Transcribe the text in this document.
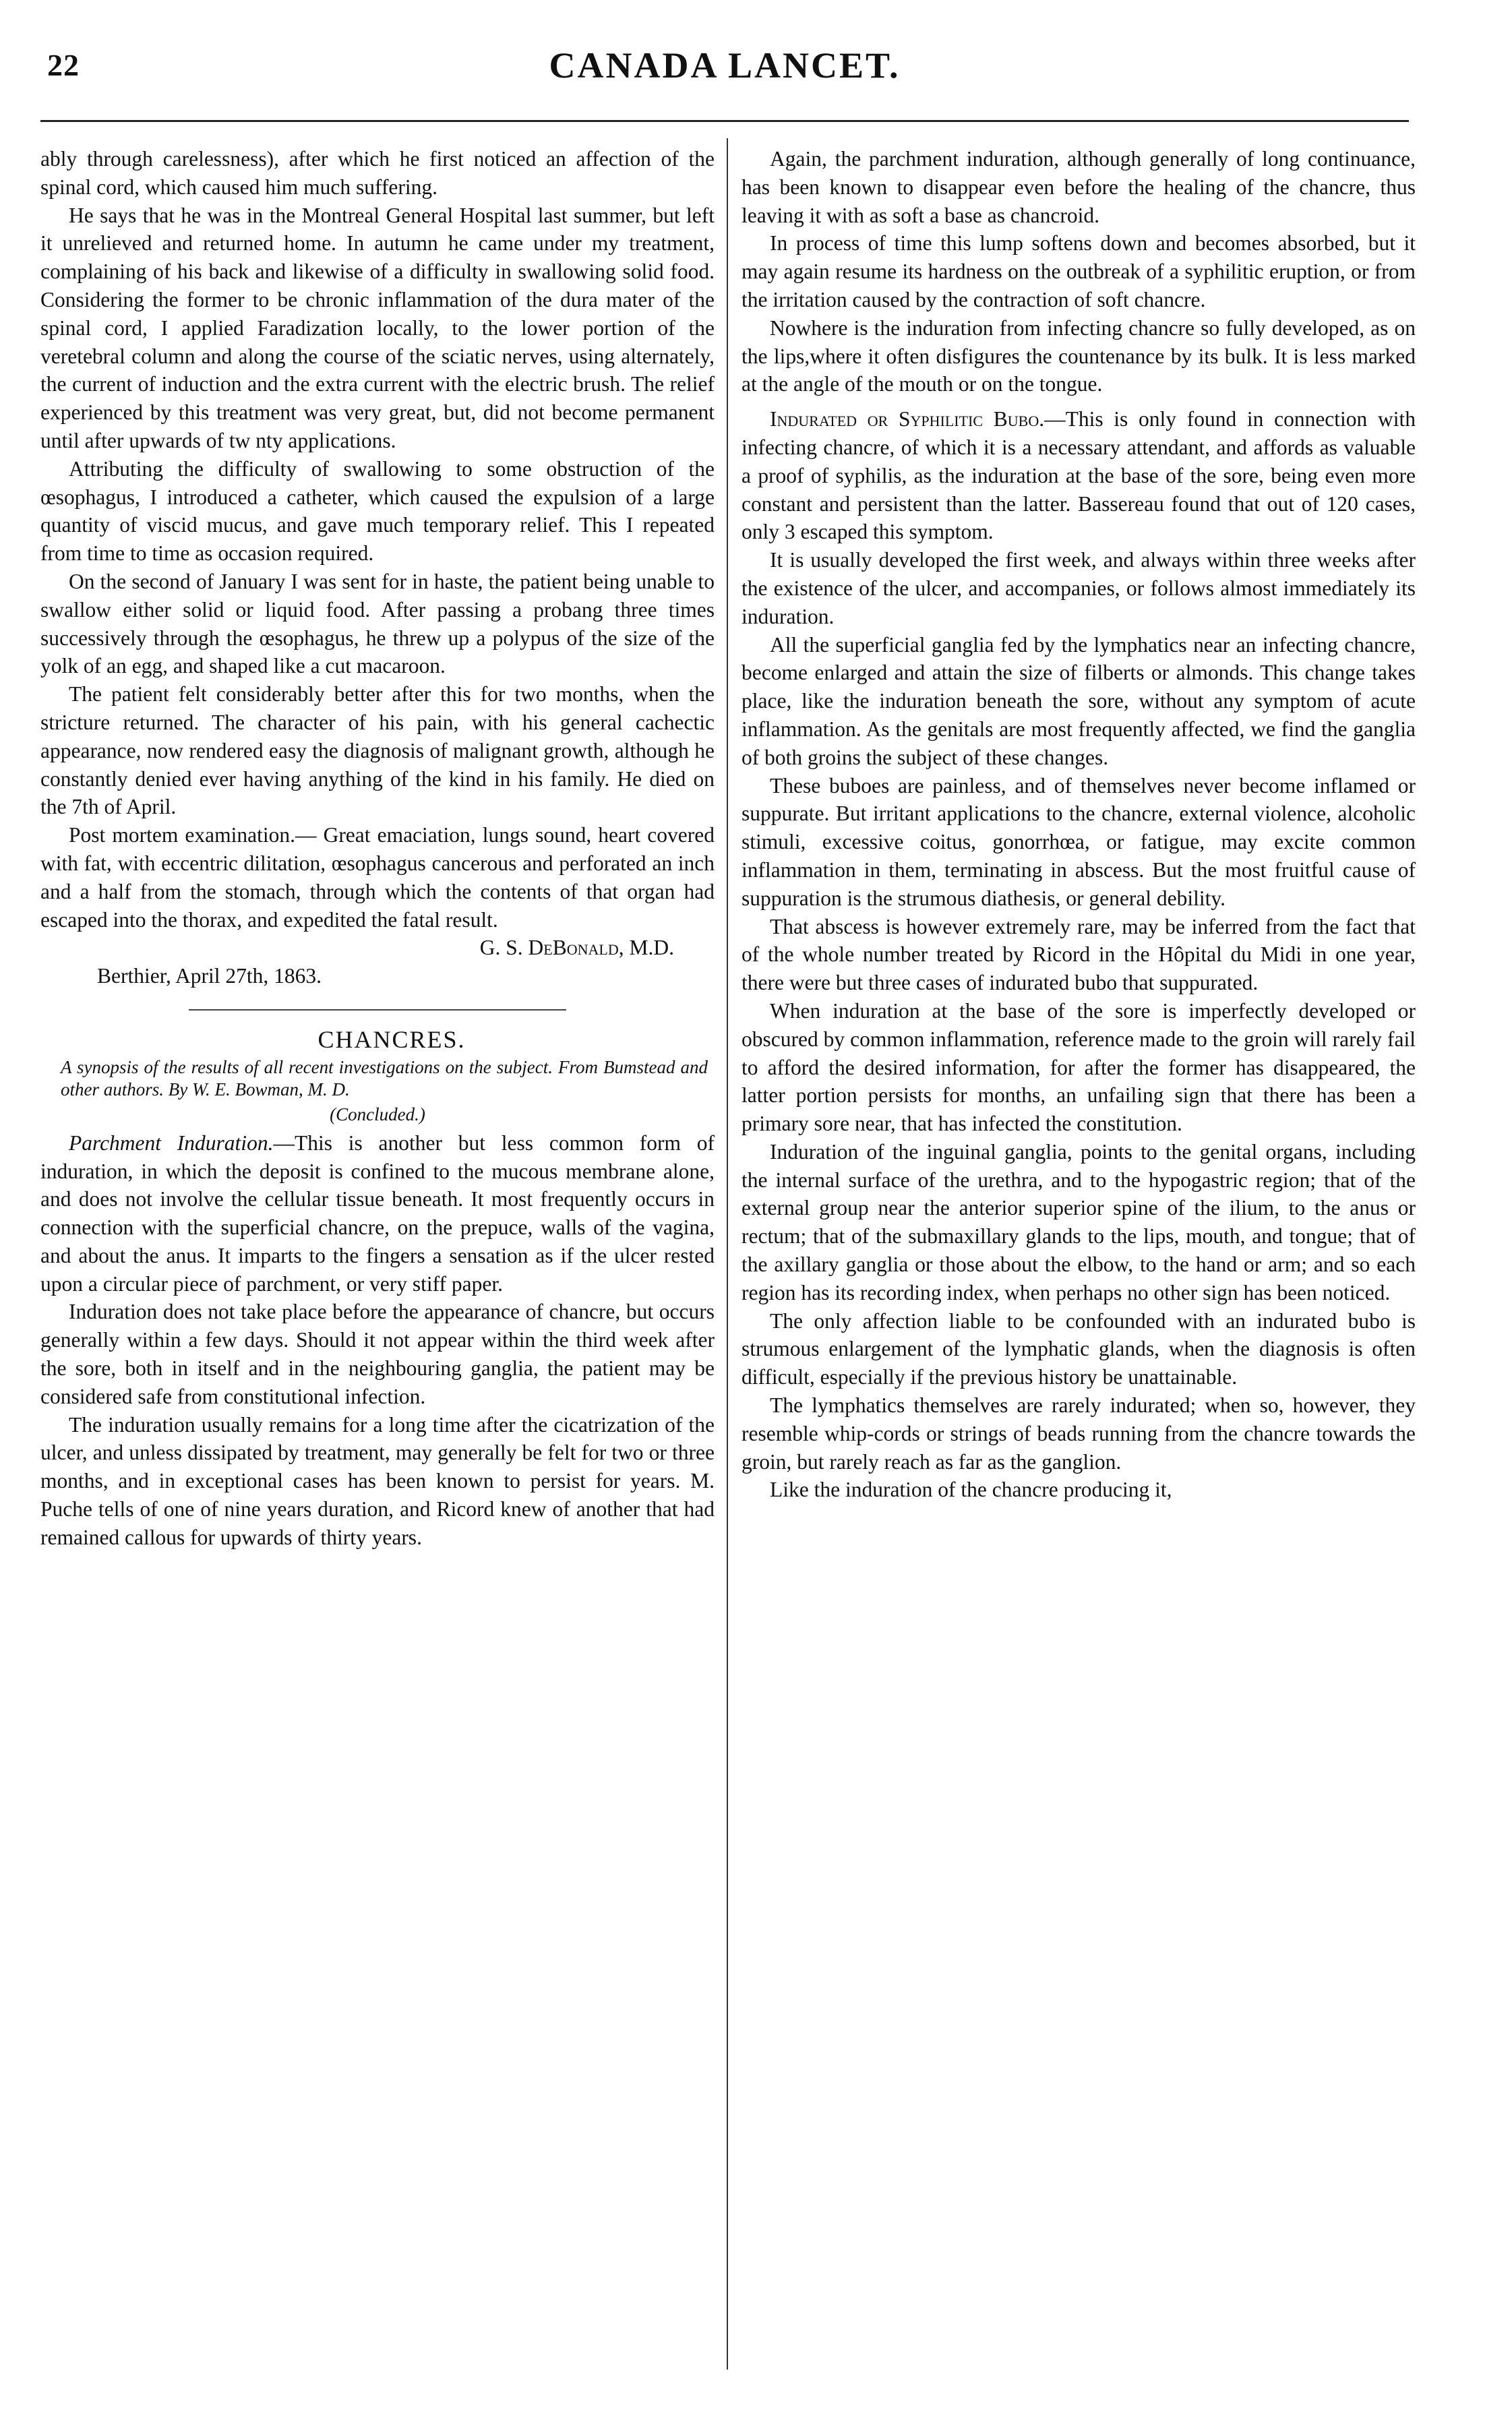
22	CANADA LANCET.

ably through carelessness), after which he first noticed an affection of the spinal cord, which caused him much suffering.

He says that he was in the Montreal General Hospital last summer, but left it unrelieved and returned home. In autumn he came under my treatment, complaining of his back and likewise of a difficulty in swallowing solid food. Considering the former to be chronic inflammation of the dura mater of the spinal cord, I applied Faradization locally, to the lower portion of the veretebral column and along the course of the sciatic nerves, using alternately, the current of induction and the extra current with the electric brush. The relief experienced by this treatment was very great, but, did not become permanent until after upwards of tw nty applications.

Attributing the difficulty of swallowing to some obstruction of the œsophagus, I introduced a catheter, which caused the expulsion of a large quantity of viscid mucus, and gave much temporary relief. This I repeated from time to time as occasion required.

On the second of January I was sent for in haste, the patient being unable to swallow either solid or liquid food. After passing a probang three times successively through the œsophagus, he threw up a polypus of the size of the yolk of an egg, and shaped like a cut macaroon.

The patient felt considerably better after this for two months, when the stricture returned. The character of his pain, with his general cachectic appearance, now rendered easy the diagnosis of malignant growth, although he constantly denied ever having anything of the kind in his family. He died on the 7th of April.

Post mortem examination.— Great emaciation, lungs sound, heart covered with fat, with eccentric dilitation, œsophagus cancerous and perforated an inch and a half from the stomach, through which the contents of that organ had escaped into the thorax, and expedited the fatal result.

G. S. DeBonald, M.D.

Berthier, April 27th, 1863.

CHANCRES.

A synopsis of the results of all recent investigations on the subject. From Bumstead and other authors. By W. E. Bowman, M. D.

(Concluded.)

Parchment Induration.—This is another but less common form of induration, in which the deposit is confined to the mucous membrane alone, and does not involve the cellular tissue beneath. It most frequently occurs in connection with the superficial chancre, on the prepuce, walls of the vagina, and about the anus. It imparts to the fingers a sensation as if the ulcer rested upon a circular piece of parchment, or very stiff paper.

Induration does not take place before the appearance of chancre, but occurs generally within a few days. Should it not appear within the third week after the sore, both in itself and in the neighbouring ganglia, the patient may be considered safe from constitutional infection.

The induration usually remains for a long time after the cicatrization of the ulcer, and unless dissipated by treatment, may generally be felt for two or three months, and in exceptional cases has been known to persist for years. M. Puche tells of one of nine years duration, and Ricord knew of another that had remained callous for upwards of thirty years.

Again, the parchment induration, although generally of long continuance, has been known to disappear even before the healing of the chancre, thus leaving it with as soft a base as chancroid.

In process of time this lump softens down and becomes absorbed, but it may again resume its hardness on the outbreak of a syphilitic eruption, or from the irritation caused by the contraction of soft chancre.

Nowhere is the induration from infecting chancre so fully developed, as on the lips,where it often disfigures the countenance by its bulk. It is less marked at the angle of the mouth or on the tongue.

Indurated or Syphilitic Bubo.—This is only found in connection with infecting chancre, of which it is a necessary attendant, and affords as valuable a proof of syphilis, as the induration at the base of the sore, being even more constant and persistent than the latter. Bassereau found that out of 120 cases, only 3 escaped this symptom.

It is usually developed the first week, and always within three weeks after the existence of the ulcer, and accompanies, or follows almost immediately its induration.

All the superficial ganglia fed by the lymphatics near an infecting chancre, become enlarged and attain the size of filberts or almonds. This change takes place, like the induration beneath the sore, without any symptom of acute inflammation. As the genitals are most frequently affected, we find the ganglia of both groins the subject of these changes.

These buboes are painless, and of themselves never become inflamed or suppurate. But irritant applications to the chancre, external violence, alcoholic stimuli, excessive coitus, gonorrhœa, or fatigue, may excite common inflammation in them, terminating in abscess. But the most fruitful cause of suppuration is the strumous diathesis, or general debility.

That abscess is however extremely rare, may be inferred from the fact that of the whole number treated by Ricord in the Hôpital du Midi in one year, there were but three cases of indurated bubo that suppurated.

When induration at the base of the sore is imperfectly developed or obscured by common inflammation, reference made to the groin will rarely fail to afford the desired information, for after the former has disappeared, the latter portion persists for months, an unfailing sign that there has been a primary sore near, that has infected the constitution.

Induration of the inguinal ganglia, points to the genital organs, including the internal surface of the urethra, and to the hypogastric region; that of the external group near the anterior superior spine of the ilium, to the anus or rectum; that of the submaxillary glands to the lips, mouth, and tongue; that of the axillary ganglia or those about the elbow, to the hand or arm; and so each region has its recording index, when perhaps no other sign has been noticed.

The only affection liable to be confounded with an indurated bubo is strumous enlargement of the lymphatic glands, when the diagnosis is often difficult, especially if the previous history be unattainable.

The lymphatics themselves are rarely indurated; when so, however, they resemble whip-cords or strings of beads running from the chancre towards the groin, but rarely reach as far as the ganglion.

Like the induration of the chancre producing it,
